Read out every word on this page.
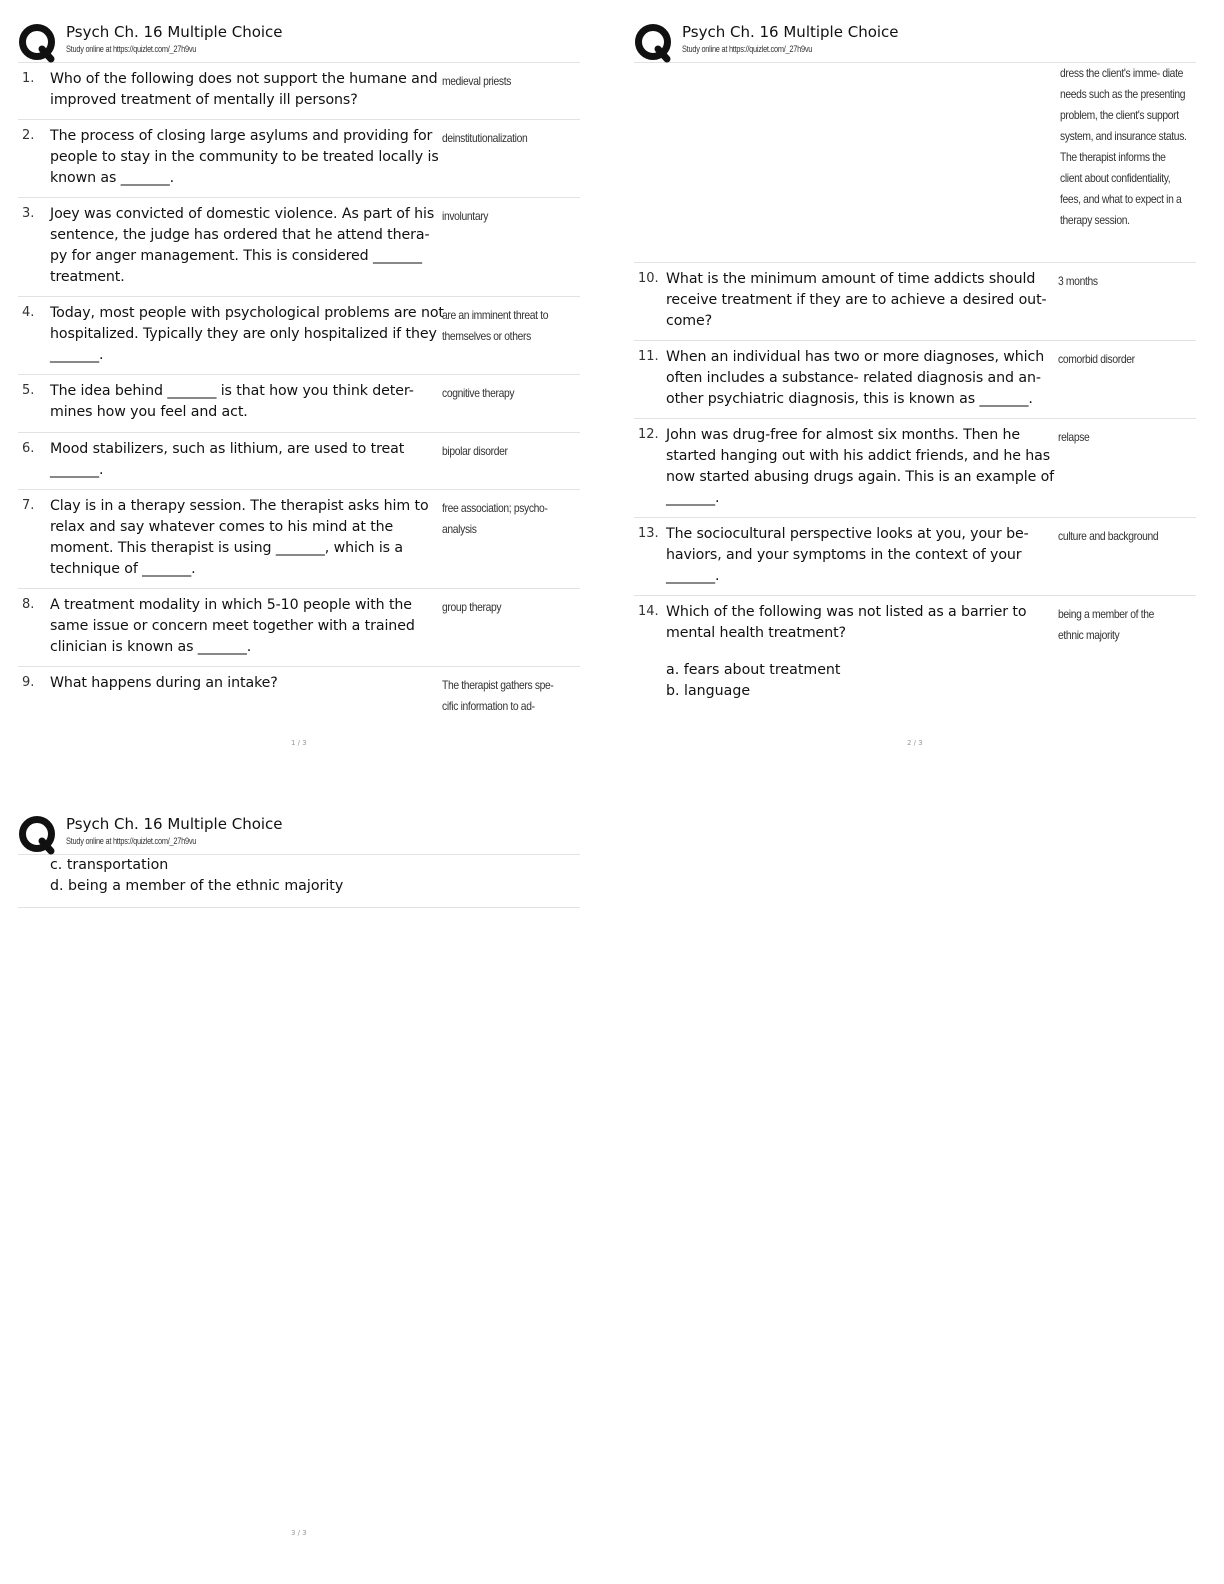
Psych Ch. 16 Multiple Choice
Study online at https://quizlet.com/_27h9vu
1. Who of the following does not support the humane and improved treatment of mentally ill persons?
medieval priests
2. The process of closing large asylums and providing for people to stay in the community to be treated locally is known as _______.
deinstitutionalization
3. Joey was convicted of domestic violence. As part of his sentence, the judge has ordered that he attend thera- py for anger management. This is considered _______ treatment.
involuntary
4. Today, most people with psychological problems are not hospitalized. Typically they are only hospitalized if they _______.
are an imminent threat to themselves or others
5. The idea behind _______ is that how you think deter- mines how you feel and act.
cognitive therapy
6. Mood stabilizers, such as lithium, are used to treat _______.
bipolar disorder
7. Clay is in a therapy session. The therapist asks him to relax and say whatever comes to his mind at the moment. This therapist is using _______, which is a technique of _______.
free association; psycho- analysis
8. A treatment modality in which 5-10 people with the same issue or concern meet together with a trained clinician is known as _______.
group therapy
9. What happens during an intake?	The therapist gathers spe- cific information to ad-
1 / 3
Psych Ch. 16 Multiple Choice
Study online at https://quizlet.com/_27h9vu
dress the client's imme- diate needs such as the presenting problem, the client's support system, and insurance status. The therapist informs the client about confidentiality, fees, and what to expect in a therapy session.
10. What is the minimum amount of time addicts should receive treatment if they are to achieve a desired out- come?
3 months
11. When an individual has two or more diagnoses, which often includes a substance- related diagnosis and an- other psychiatric diagnosis, this is known as _______.
comorbid disorder
12. John was drug-free for almost six months. Then he started hanging out with his addict friends, and he has now started abusing drugs again. This is an example of _______.
relapse
13. The sociocultural perspective looks at you, your be- haviors, and your symptoms in the context of your _______.
culture and background
14. Which of the following was not listed as a barrier to mental health treatment?
being a member of the ethnic majority
a. fears about treatment
b. language
2 / 3
Psych Ch. 16 Multiple Choice
Study online at https://quizlet.com/_27h9vu
c. transportation
d. being a member of the ethnic majority
3 / 3
